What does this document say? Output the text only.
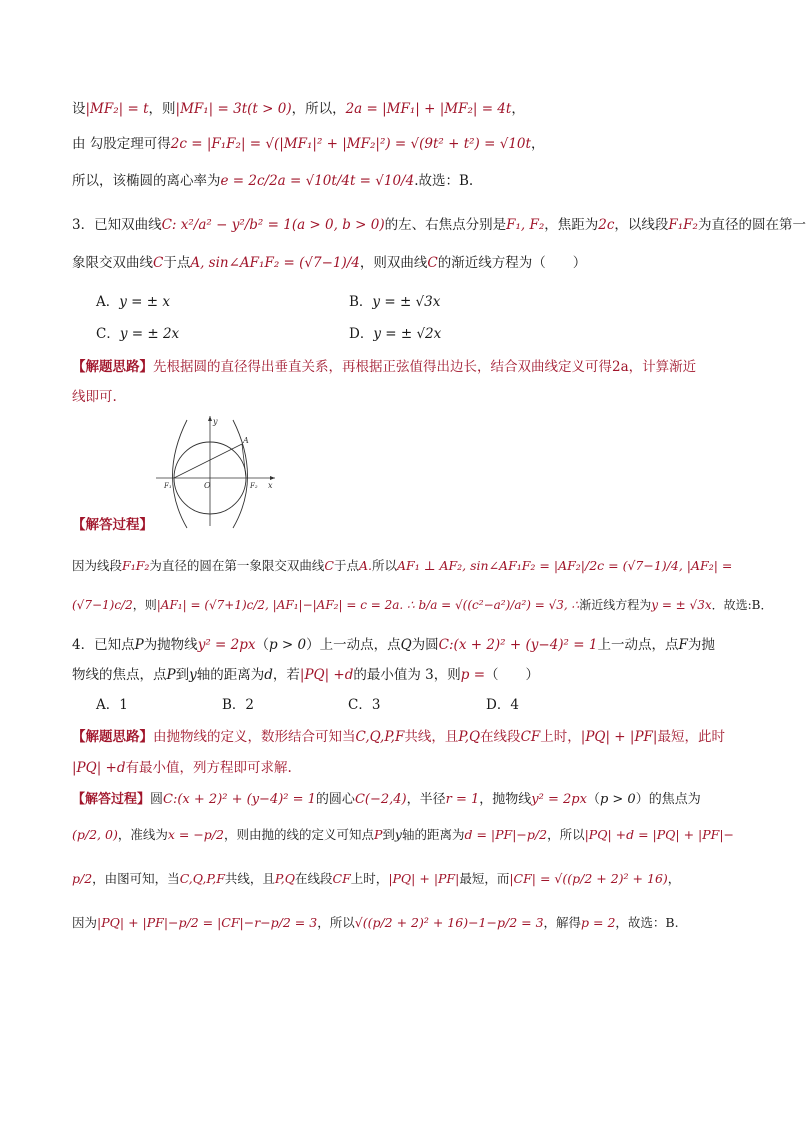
设|MF₂| = t，则|MF₁| = 3t(t > 0)，所以，2a = |MF₁| + |MF₂| = 4t，
由 勾股定理可得2c = |F₁F₂| = √(|MF₁|² + |MF₂|²) = √(9t² + t²) = √10t，
所以，该椭圆的离心率为e = 2c/2a = √10t/4t = √10/4.故选：B.
3．已知双曲线C: x²/a² − y²/b² = 1(a > 0, b > 0)的左、右焦点分别是F₁, F₂，焦距为2c，以线段F₁F₂为直径的圆在第一
象限交双曲线C于点A, sin∠AF₁F₂ = (√7−1)/4，则双曲线C的渐近线方程为（　　）
A．y = ± x	B．y = ± √3x
C．y = ± 2x	D．y = ± √2x
【解题思路】先根据圆的直径得出垂直关系，再根据正弦值得出边长，结合双曲线定义可得2a，计算渐近
线即可.
y
A
F₁	O	F₂ x
【解答过程】
因为线段F₁F₂为直径的圆在第一象限交双曲线C于点A.所以AF₁ ⊥ AF₂, sin∠AF₁F₂ = |AF₂|/2c = (√7−1)/4, |AF₂| =
(√7−1)c/2，则|AF₁| = (√7+1)c/2, |AF₁|−|AF₂| = c = 2a. ∴ b/a = √((c²−a²)/a²) = √3, ∴渐近线方程为y = ± √3x．故选:B．
4．已知点P为抛物线y² = 2px（p > 0）上一动点，点Q为圆C:(x + 2)² + (y−4)² = 1上一动点，点F为抛
物线的焦点，点P到y轴的距离为d，若|PQ| +d的最小值为 3，则p =（　　）
A．1	B．2	C．3	D．4
【解题思路】由抛物线的定义，数形结合可知当C,Q,P,F共线，且P,Q在线段CF上时，|PQ| + |PF|最短，此时
|PQ| +d有最小值，列方程即可求解.
【解答过程】圆C:(x + 2)² + (y−4)² = 1的圆心C(−2,4)，半径r = 1，抛物线y² = 2px（p > 0）的焦点为
(p/2, 0)，准线为x = −p/2，则由抛的线的定义可知点P到y轴的距离为d = |PF|−p/2，所以|PQ| +d = |PQ| + |PF|−
p/2，由图可知，当C,Q,P,F共线，且P,Q在线段CF上时，|PQ| + |PF|最短，而|CF| = √((p/2 + 2)² + 16)，
因为|PQ| + |PF|−p/2 = |CF|−r−p/2 = 3，所以√((p/2 + 2)² + 16)−1−p/2 = 3，解得p = 2，故选：B.
